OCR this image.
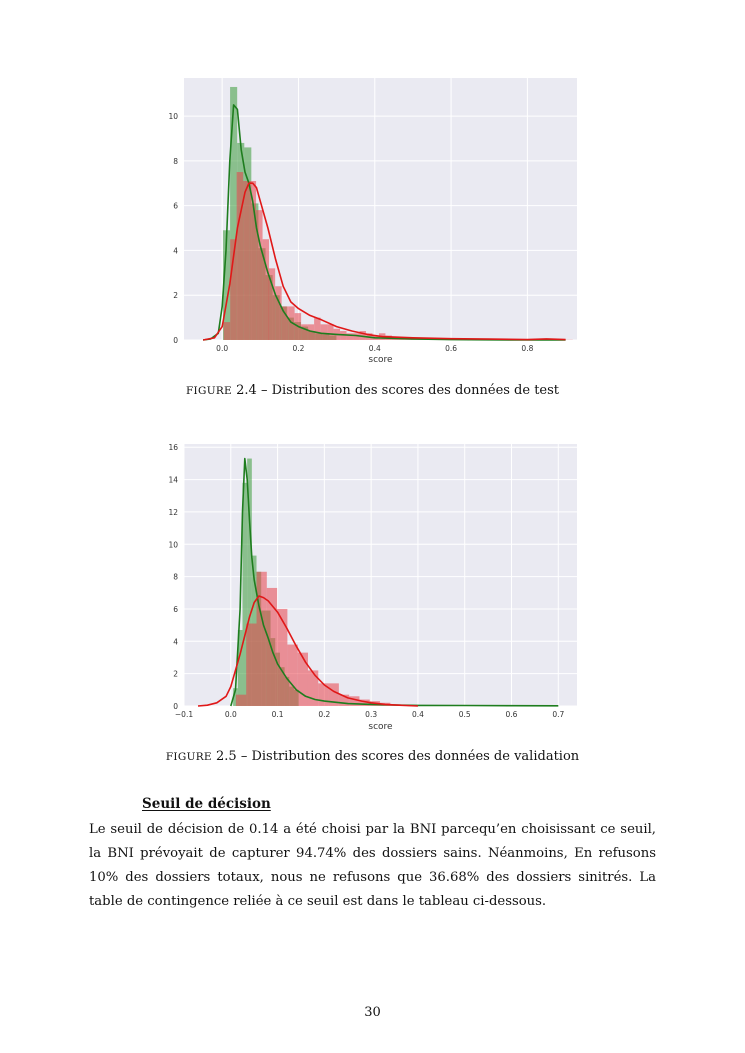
0.0	0.2	0.4	0.6	0.8
0
2
4
6
8
10
score
FIGURE 2.4 – Distribution des scores des données de test
−0.1	0.0	0.1	0.2	0.3	0.4	0.5	0.6	0.7
0
2
4
6
8
10
12
14
16
score
FIGURE 2.5 – Distribution des scores des données de validation
Seuil de décision
Le seuil de décision de 0.14 a été choisi par la BNI parcequ’en choisissant ce seuil, la BNI prévoyait de capturer 94.74% des dossiers sains. Néanmoins, En refusons 10% des dossiers totaux, nous ne refusons que 36.68% des dossiers sinitrés. La table de contingence reliée à ce seuil est dans le tableau ci-dessous.
30
